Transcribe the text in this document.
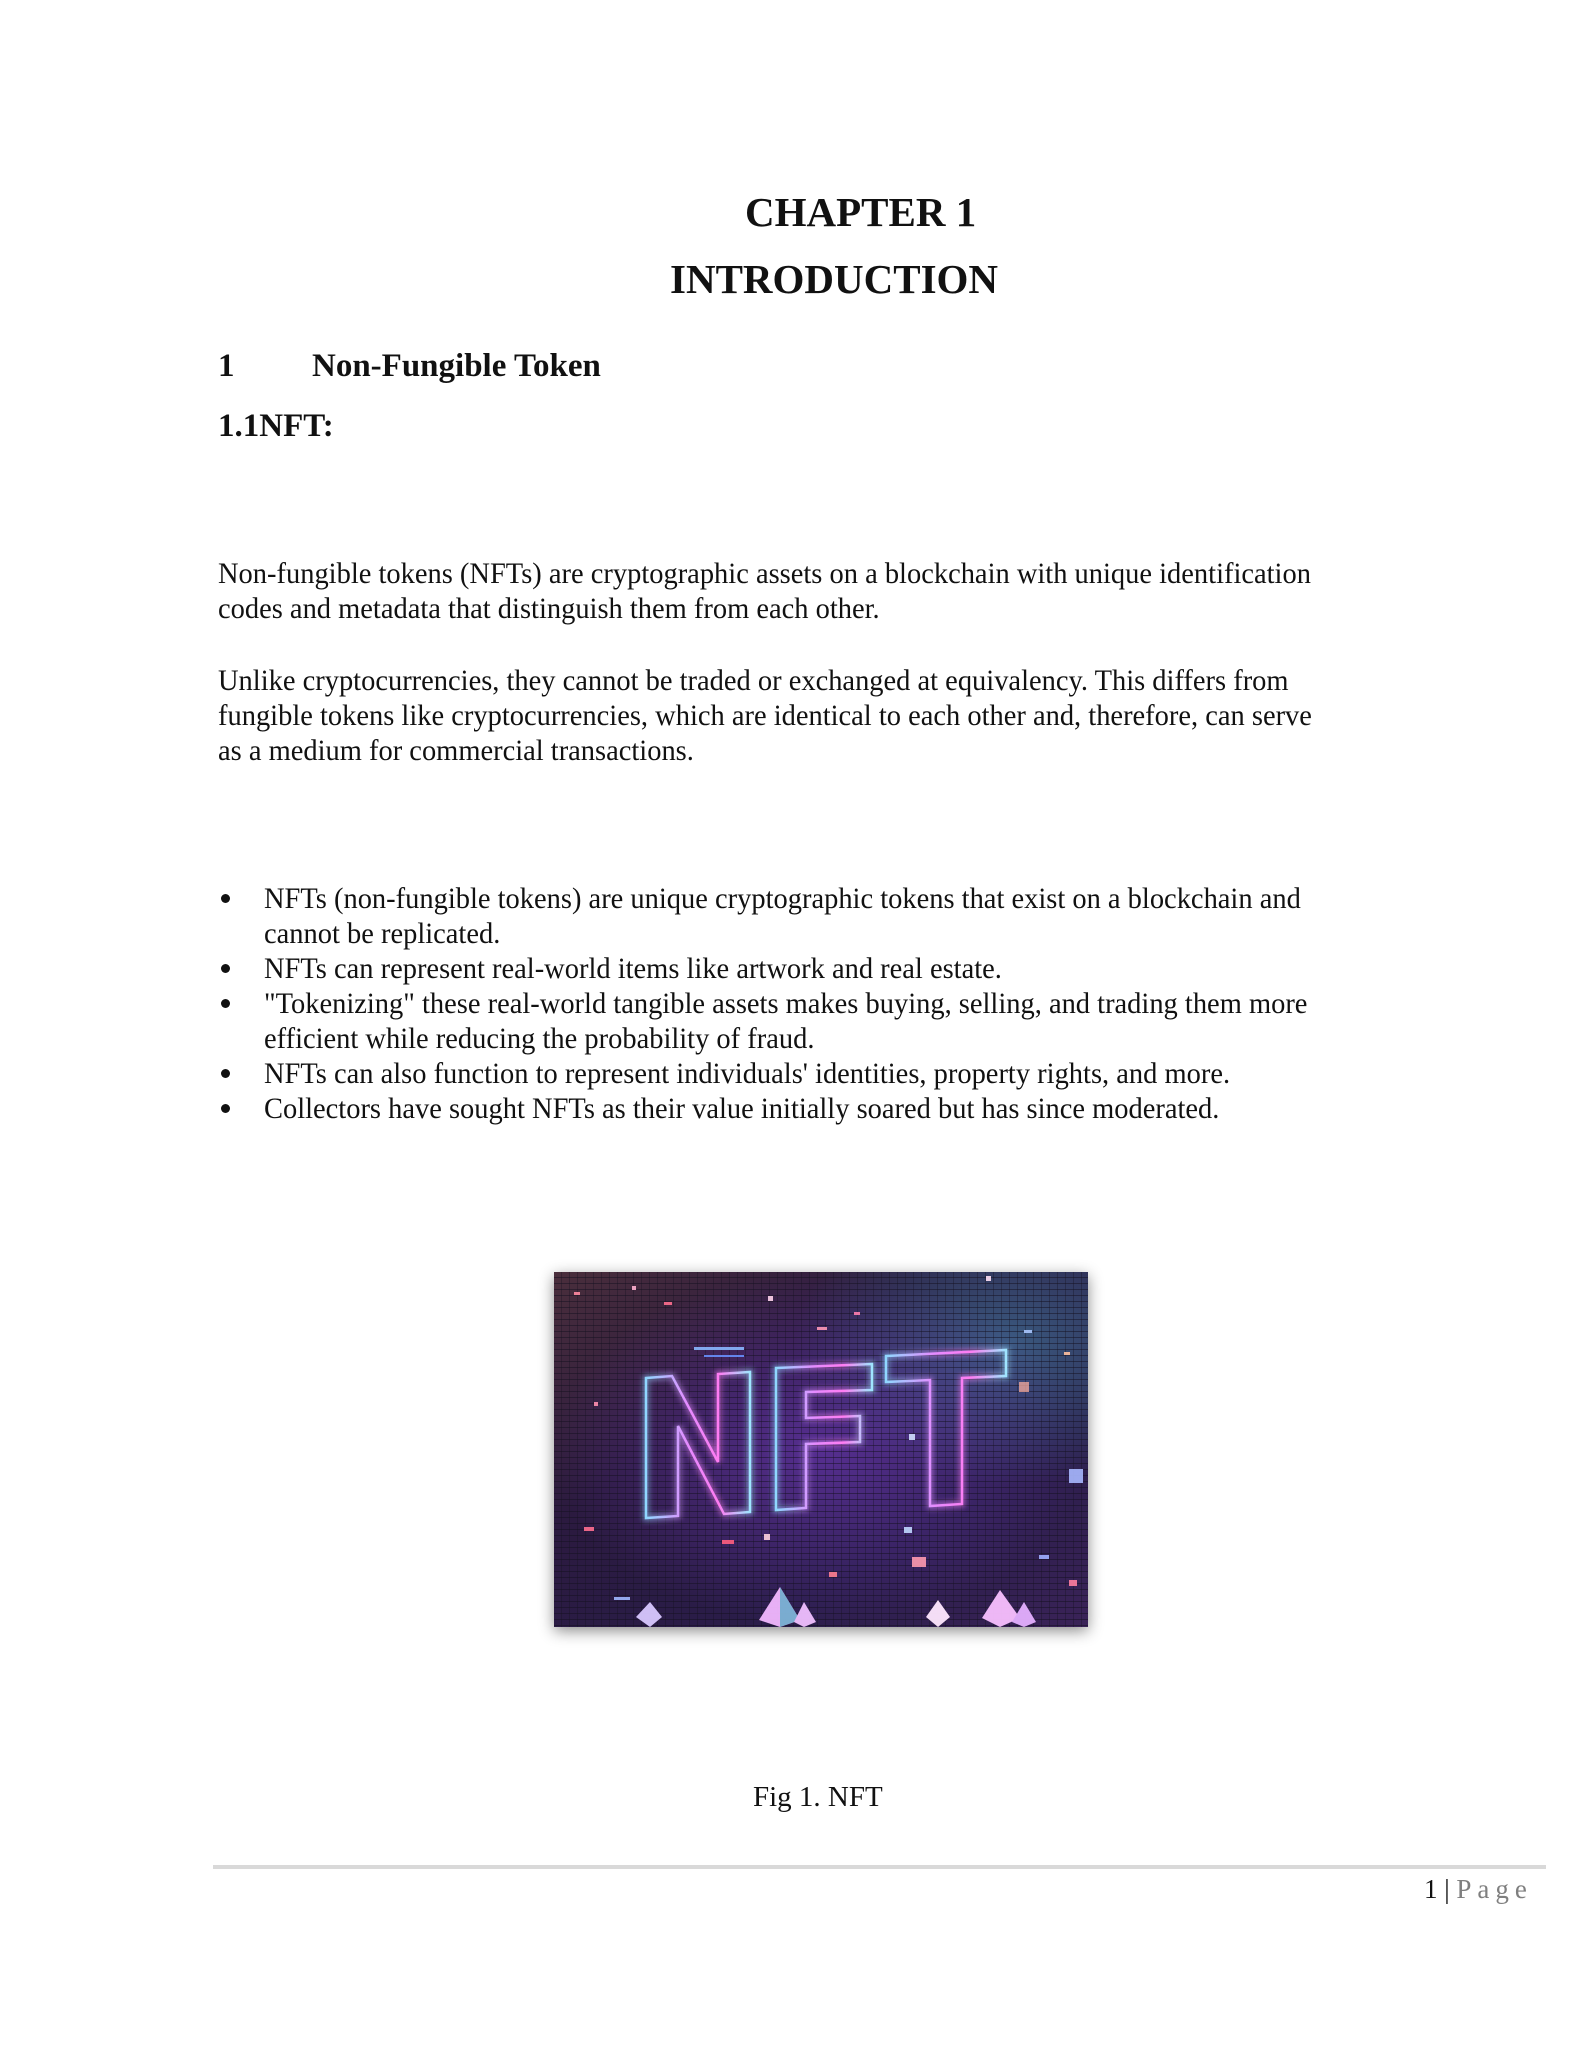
CHAPTER 1
INTRODUCTION
1 Non-Fungible Token
1.1NFT:
Non-fungible tokens (NFTs) are cryptographic assets on a blockchain with unique identification
codes and metadata that distinguish them from each other.
Unlike cryptocurrencies, they cannot be traded or exchanged at equivalency. This differs from
fungible tokens like cryptocurrencies, which are identical to each other and, therefore, can serve
as a medium for commercial transactions.
NFTs (non-fungible tokens) are unique cryptographic tokens that exist on a blockchain and
cannot be replicated.
NFTs can represent real-world items like artwork and real estate.
"Tokenizing" these real-world tangible assets makes buying, selling, and trading them more
efficient while reducing the probability of fraud.
NFTs can also function to represent individuals' identities, property rights, and more.
Collectors have sought NFTs as their value initially soared but has since moderated.
Fig 1. NFT
1 | Page
